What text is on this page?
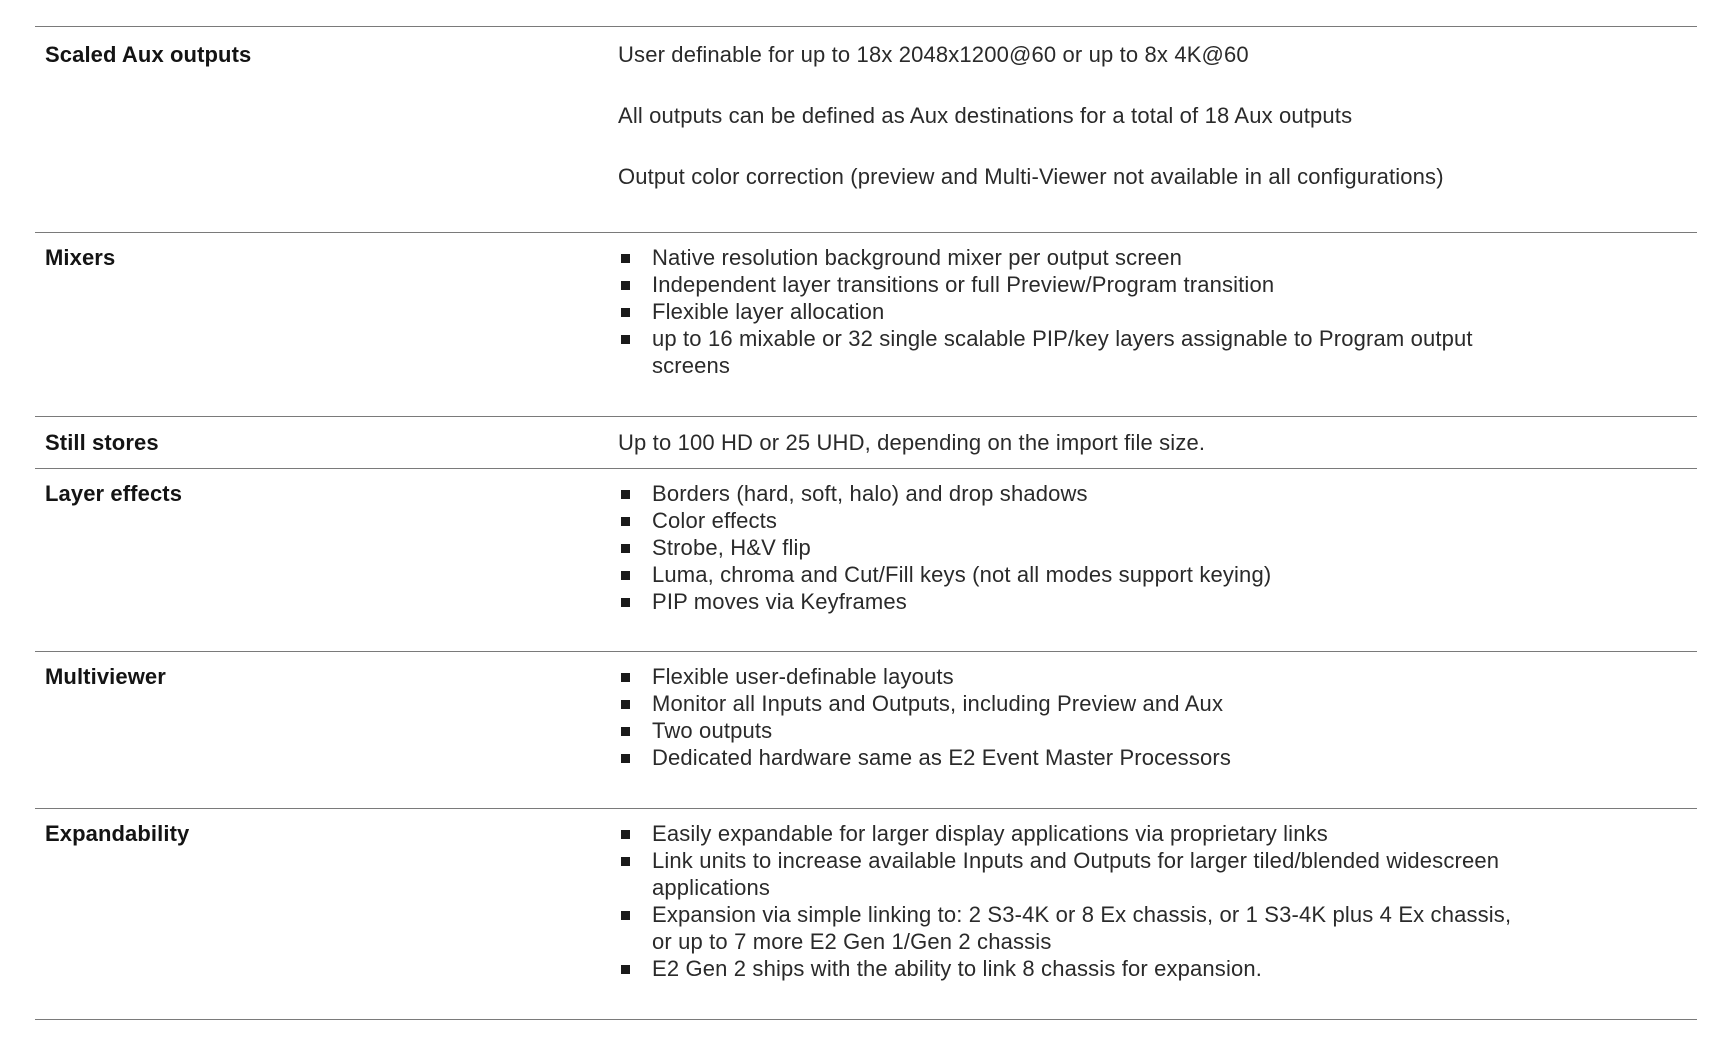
Scaled Aux outputs	User definable for up to 18x 2048x1200@60 or up to 8x 4K@60

All outputs can be defined as Aux destinations for a total of 18 Aux outputs

Output color correction (preview and Multi-Viewer not available in all configurations)

Mixers	Native resolution background mixer per output screen
Independent layer transitions or full Preview/Program transition
Flexible layer allocation
up to 16 mixable or 32 single scalable PIP/key layers assignable to Program output screens
Still stores	Up to 100 HD or 25 UHD, depending on the import file size.

Layer effects	Borders (hard, soft, halo) and drop shadows
Color effects
Strobe, H&V flip
Luma, chroma and Cut/Fill keys (not all modes support keying)
PIP moves via Keyframes
Multiviewer	Flexible user-definable layouts
Monitor all Inputs and Outputs, including Preview and Aux
Two outputs
Dedicated hardware same as E2 Event Master Processors
Expandability	Easily expandable for larger display applications via proprietary links
Link units to increase available Inputs and Outputs for larger tiled/blended widescreen applications
Expansion via simple linking to: 2 S3-4K or 8 Ex chassis, or 1 S3-4K plus 4 Ex chassis, or up to 7 more E2 Gen 1/Gen 2 chassis
E2 Gen 2 ships with the ability to link 8 chassis for expansion.
